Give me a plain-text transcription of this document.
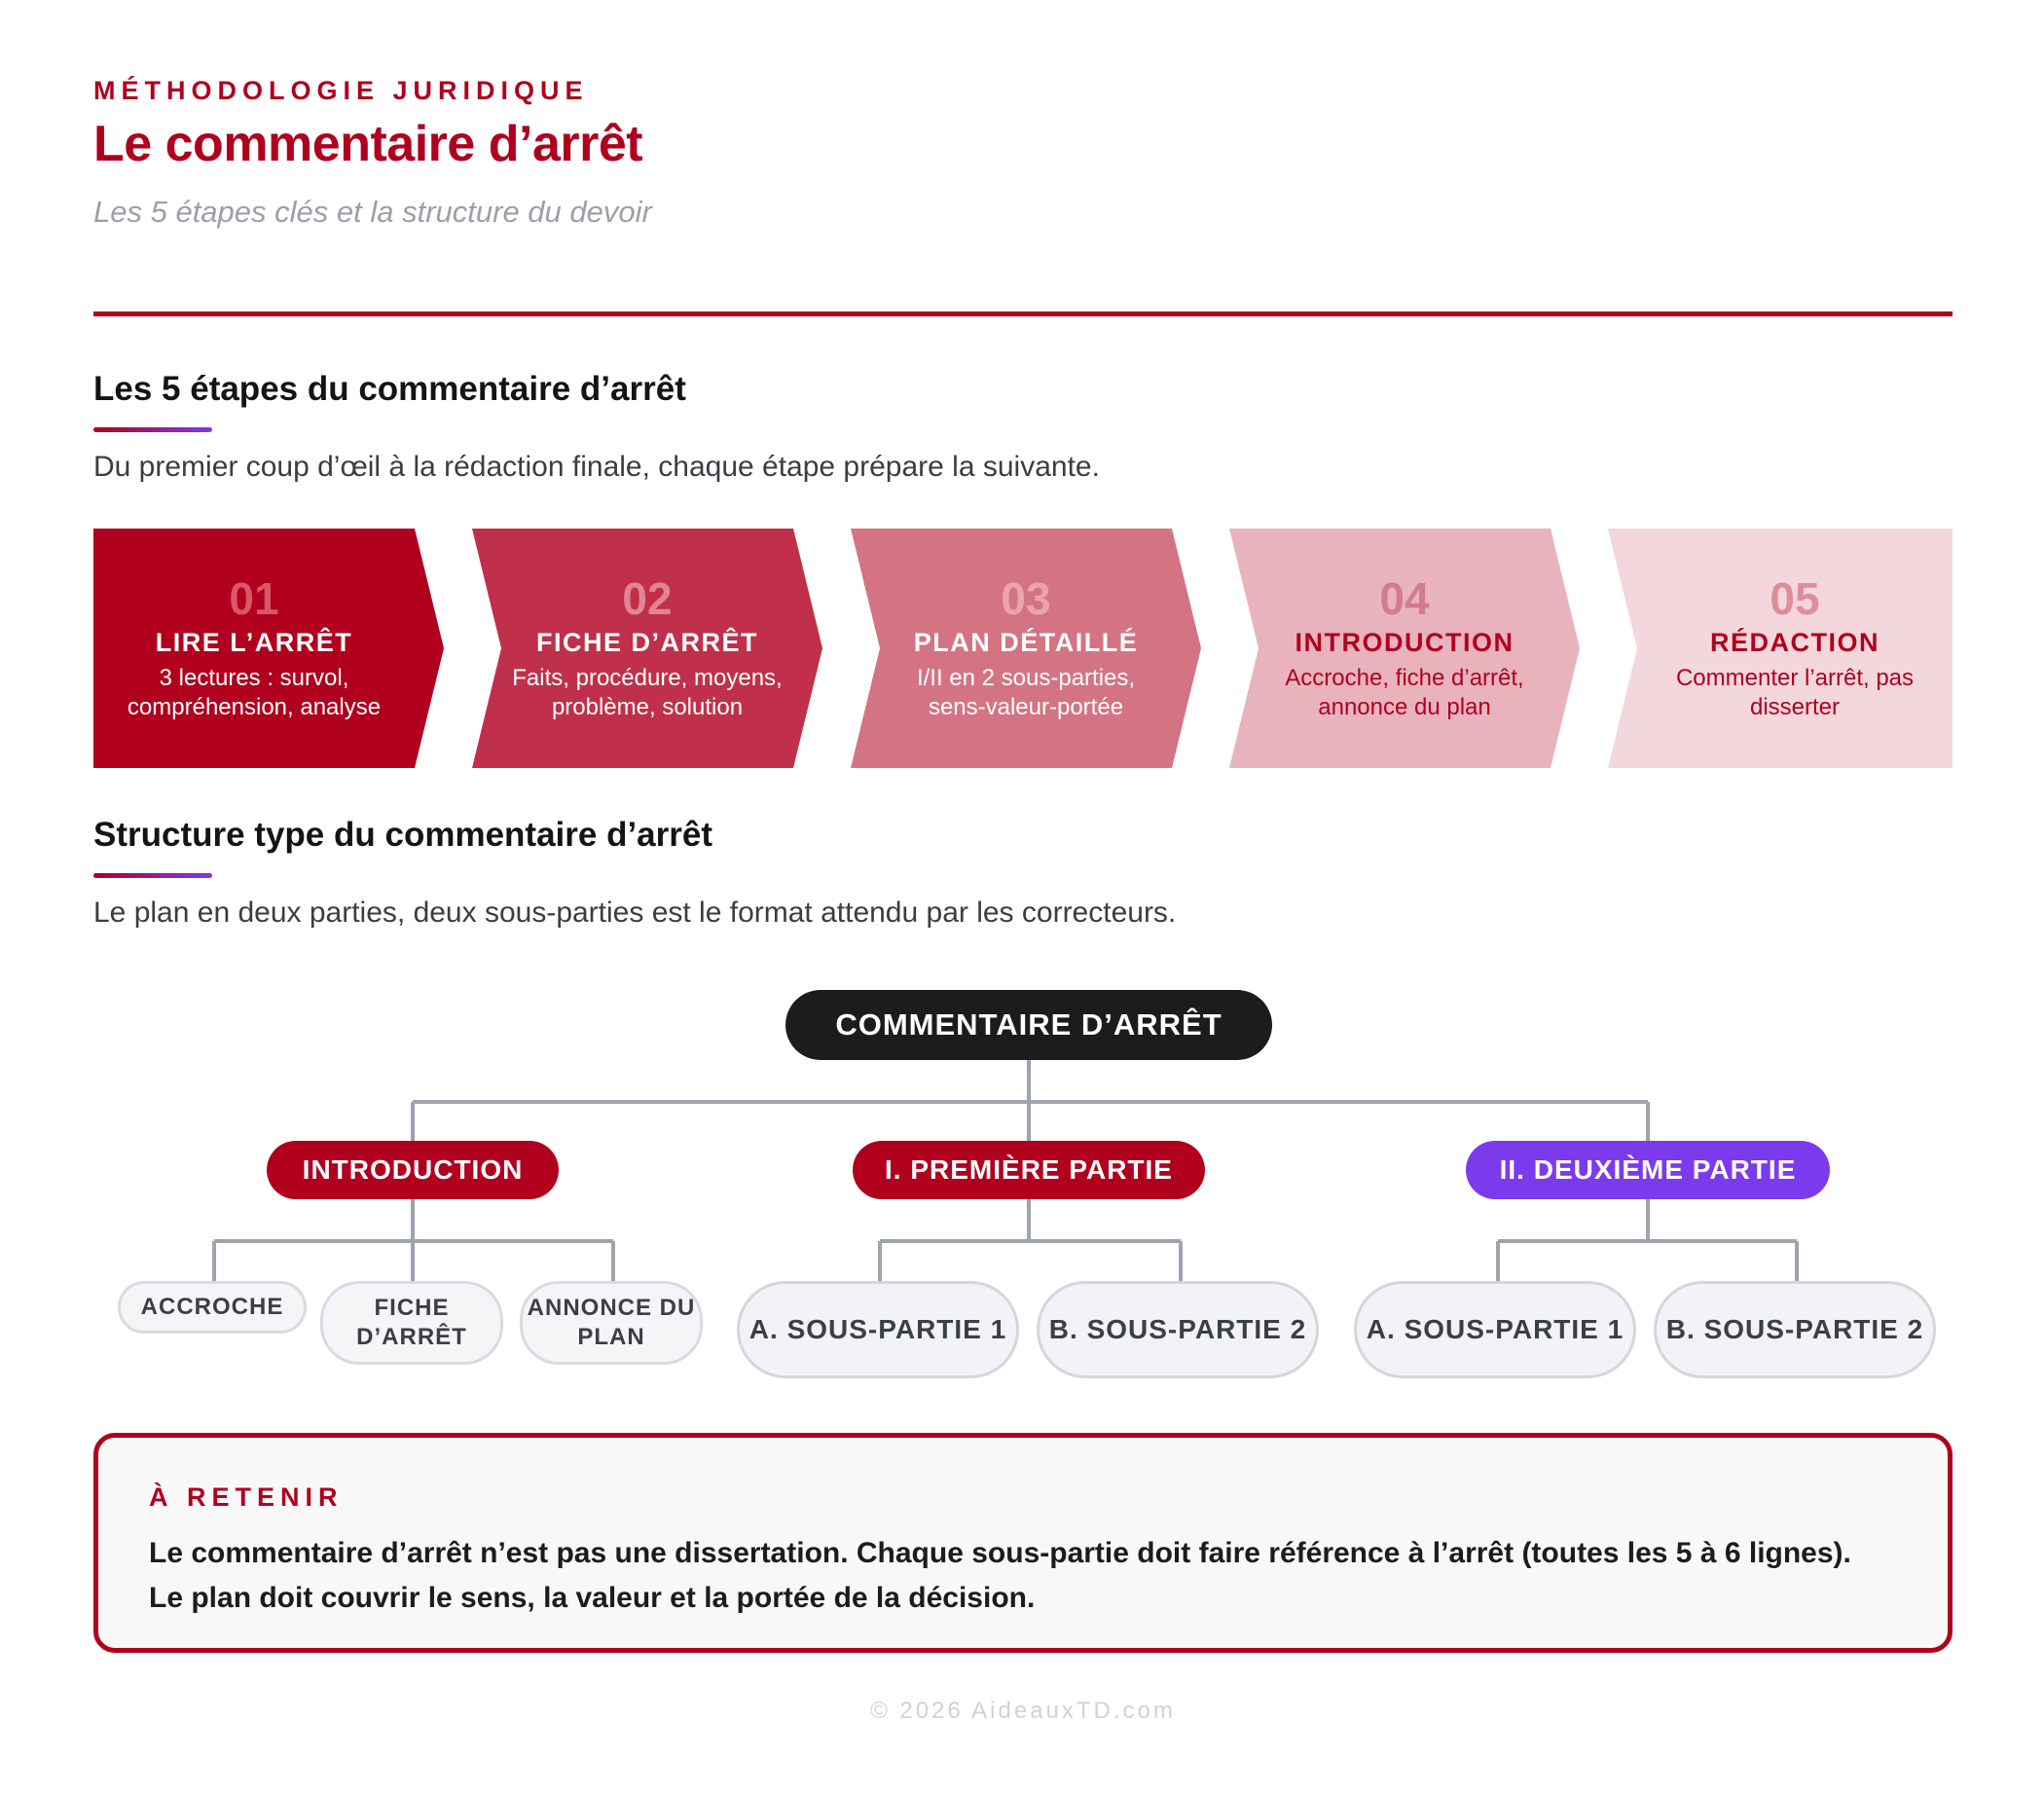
MÉTHODOLOGIE JURIDIQUE
Le commentaire d’arrêt
Les 5 étapes clés et la structure du devoir
Les 5 étapes du commentaire d’arrêt
Du premier coup d’œil à la rédaction finale, chaque étape prépare la suivante.
01
LIRE L’ARRÊT
3 lectures : survol, compréhension, analyse
02
FICHE D’ARRÊT
Faits, procédure, moyens, problème, solution
03
PLAN DÉTAILLÉ
I/II en 2 sous-parties, sens-valeur-portée
04
INTRODUCTION
Accroche, fiche d’arrêt, annonce du plan
05
RÉDACTION
Commenter l’arrêt, pas disserter
Structure type du commentaire d’arrêt
Le plan en deux parties, deux sous-parties est le format attendu par les correcteurs.
COMMENTAIRE D’ARRÊT
INTRODUCTION	I. PREMIÈRE PARTIE	II. DEUXIÈME PARTIE
ACCROCHE	FICHE D’ARRÊT
ANNONCE DU PLAN	A. SOUS-PARTIE 1	B. SOUS-PARTIE 2	A. SOUS-PARTIE 1	B. SOUS-PARTIE 2
À RETENIR
Le commentaire d’arrêt n’est pas une dissertation. Chaque sous-partie doit faire référence à l’arrêt (toutes les 5 à 6 lignes). Le plan doit couvrir le sens, la valeur et la portée de la décision.
© 2026 AideauxTD.com
